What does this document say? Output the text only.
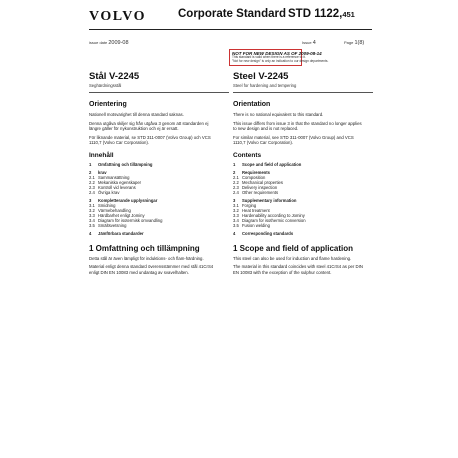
VOLVO	Corporate Standard STD 1122,451
issue date 2009-08	Issue 4	Page 1(8)
NOT FOR NEW DESIGN AS OF 2009-08-14
This standard is valid when there is a reference to it.
"Not for new design" is only an indication to our design departments.
Stål V-2245
Seghärdningsstål
Orientering
Nationell motsvarighet till denna standard saknas.
Denna utgåva skiljer sig från utgåva 3 genom att standarden ej längre gäller för nykonstruktion och ej är ersatt.
För liknande material, se STD 311-0007 (Volvo Group) och VCS 1110,7 (Volvo Car Corporation).
Innehåll
1	Omfattning och tillämpning
2	krav
2.1 Sammansättning
2.2 Mekaniska egenskaper
2.3 Kontroll vid leverans
2.4 Övriga krav
3	Kompletterande upplysningar
3.1 Smidning
3.2 Värmebehandling
3.3 Härdbarhet enligt Jominy
3.4 Diagram för isotermisk omvandling
3.5 Smältsvetsning
4	Jämförbara standarder
1 Omfattning och tillämpning
Detta stål är även lämpligt för induktions- och flam-härdning.
Material enligt denna standard överensstämmer med stål 41CrS4 enligt DIN EN 10083 med undantag av svavelhalten.
Steel V-2245
Steel for hardening and tempering
Orientation
There is no national equivalent to this standard.
This issue differs from issue 3 in that the standard no longer applies to new design and is not replaced.
For similar material, see STD 311-0007 (Volvo Group) and VCS 1110,7 (Volvo Car Corporation).
Contents
1	Scope and field of application
2	Requirements
2.1 Composition
2.2 Mechanical properties
2.3 Delivery inspection
2.4 Other requirements
3	Supplementary information
3.1 Forging
3.2 Heat treatment
3.3 Hardenability according to Jominy
3.4 Diagram for isothermic conversion
3.5 Fusion welding
4	Corresponding standards
1 Scope and field of application
This steel can also be used for induction and flame hardening.
The material in this standard coincides with steel 41CrS4 as per DIN EN 10083 with the exception of the sulphur content.
